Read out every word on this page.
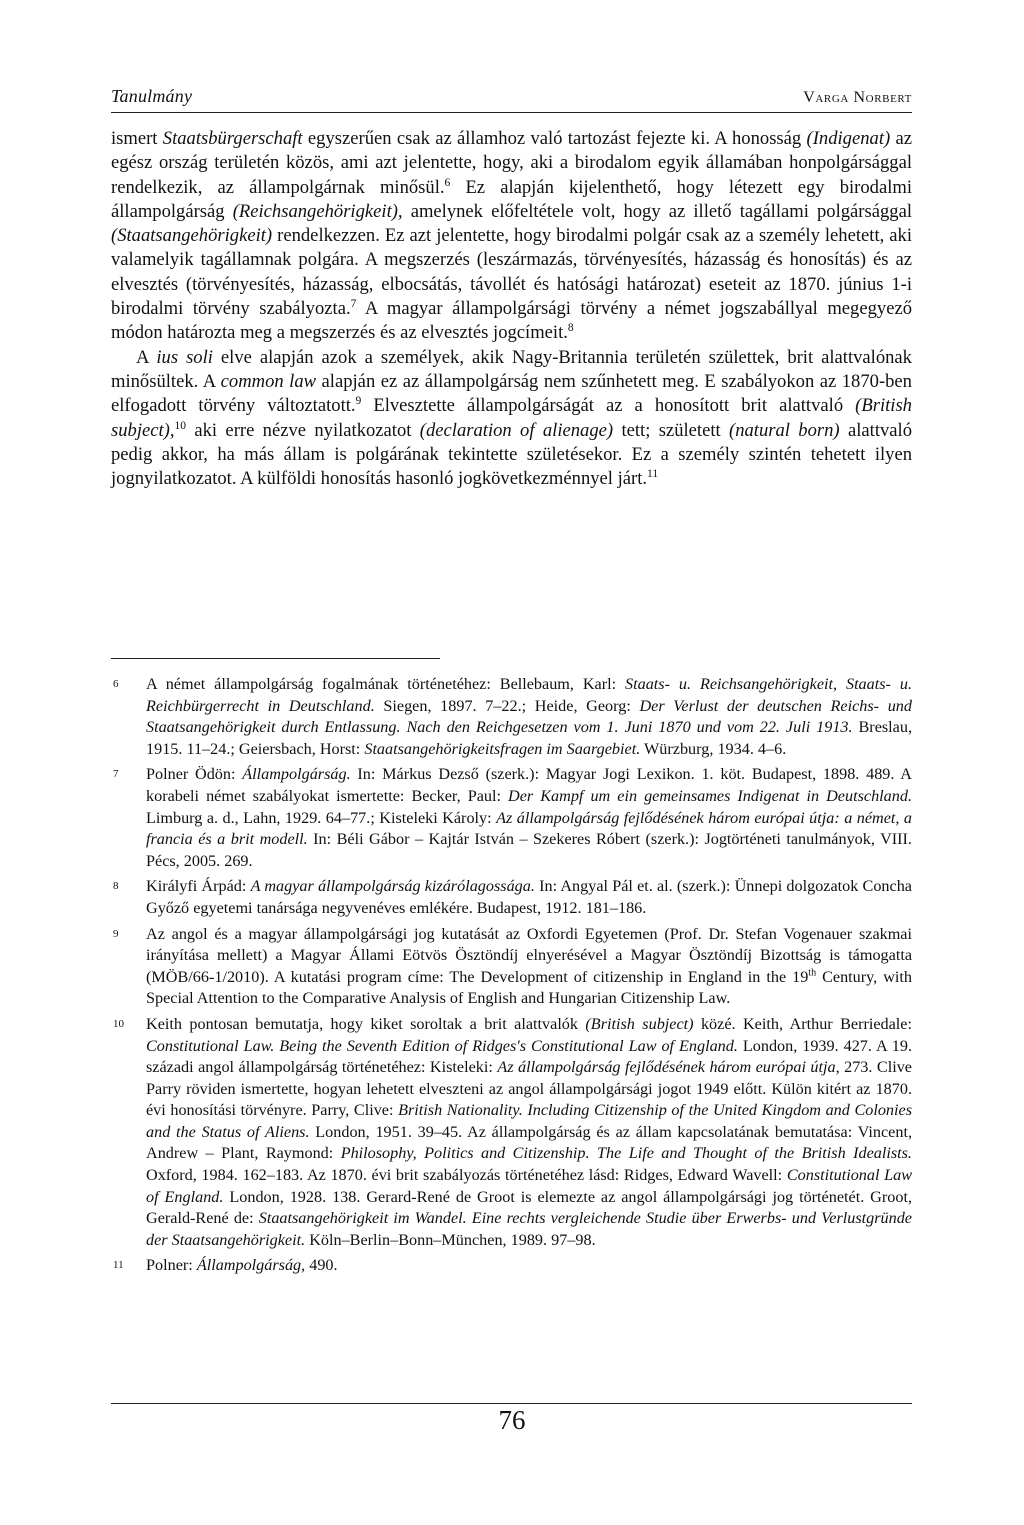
Tanulmány	Varga Norbert

ismert Staatsbürgerschaft egyszerűen csak az államhoz való tartozást fejezte ki. A honosság (Indigenat) az egész ország területén közös, ami azt jelentette, hogy, aki a birodalom egyik államában honpolgársággal rendelkezik, az állampolgárnak minősül.$^6$ Ez alapján kijelenthető, hogy létezett egy birodalmi állampolgárság (Reichsangehörigkeit), amelynek előfeltétele volt, hogy az illető tagállami polgársággal (Staatsangehörigkeit) rendelkezzen. Ez azt jelentette, hogy birodalmi polgár csak az a személy lehetett, aki valamelyik tagállamnak polgára. A megszerzés (leszármazás, törvényesítés, házasság és honosítás) és az elvesztés (törvényesítés, házasság, elbocsátás, távollét és hatósági határozat) eseteit az 1870. június 1-i birodalmi törvény szabályozta.$^7$ A magyar állampolgársági törvény a német jogszabállyal megegyező módon határozta meg a megszerzés és az elvesztés jogcímeit.$^8$

A ius soli elve alapján azok a személyek, akik Nagy-Britannia területén születtek, brit alattvalónak minősültek. A common law alapján ez az állampolgárság nem szűnhetett meg. E szabályokon az 1870-ben elfogadott törvény változtatott.$^9$ Elvesztette állampolgárságát az a honosított brit alattvaló (British subject),$^{10}$ aki erre nézve nyilatkozatot (declaration of alienage) tett; született (natural born) alattvaló pedig akkor, ha más állam is polgárának tekintette születésekor. Ez a személy szintén tehetett ilyen jognyilatkozatot. A külföldi honosítás hasonló jogkövetkezménnyel járt.$^{11}$

6	A német állampolgárság fogalmának történetéhez: Bellebaum, Karl: Staats- u. Reichsangehörigkeit, Staats- u. Reichbürgerrecht in Deutschland. Siegen, 1897. 7–22.; Heide, Georg: Der Verlust der deutschen Reichs- und Staatsangehörigkeit durch Entlassung. Nach den Reichgesetzen vom 1. Juni 1870 und vom 22. Juli 1913. Breslau, 1915. 11–24.; Geiersbach, Horst: Staatsangehörigkeitsfragen im Saargebiet. Würzburg, 1934. 4–6.
7	Polner Ödön: Állampolgárság. In: Márkus Dezső (szerk.): Magyar Jogi Lexikon. 1. köt. Budapest, 1898. 489. A korabeli német szabályokat ismertette: Becker, Paul: Der Kampf um ein gemeinsames Indigenat in Deutschland. Limburg a. d., Lahn, 1929. 64–77.; Kisteleki Károly: Az állampolgárság fejlődésének három európai útja: a német, a francia és a brit modell. In: Béli Gábor – Kajtár István – Szekeres Róbert (szerk.): Jogtörténeti tanulmányok, VIII. Pécs, 2005. 269.
8	Királyfi Árpád: A magyar állampolgárság kizárólagossága. In: Angyal Pál et. al. (szerk.): Ünnepi dolgozatok Concha Győző egyetemi tanársága negyvenéves emlékére. Budapest, 1912. 181–186.
9	Az angol és a magyar állampolgársági jog kutatását az Oxfordi Egyetemen (Prof. Dr. Stefan Vogenauer szakmai irányítása mellett) a Magyar Állami Eötvös Ösztöndíj elnyerésével a Magyar Ösztöndíj Bizottság is támogatta (MÖB/66-1/2010). A kutatási program címe: The Development of citizenship in England in the 19th Century, with Special Attention to the Comparative Analysis of English and Hungarian Citizenship Law.
10	Keith pontosan bemutatja, hogy kiket soroltak a brit alattvalók (British subject) közé. Keith, Arthur Berriedale: Constitutional Law. Being the Seventh Edition of Ridges's Constitutional Law of England. London, 1939. 427. A 19. századi angol állampolgárság történetéhez: Kisteleki: Az állampolgárság fejlődésének három európai útja, 273. Clive Parry röviden ismertette, hogyan lehetett elveszteni az angol állampolgársági jogot 1949 előtt. Külön kitért az 1870. évi honosítási törvényre. Parry, Clive: British Nationality. Including Citizenship of the United Kingdom and Colonies and the Status of Aliens. London, 1951. 39–45. Az állampolgárság és az állam kapcsolatának bemutatása: Vincent, Andrew – Plant, Raymond: Philosophy, Politics and Citizenship. The Life and Thought of the British Idealists. Oxford, 1984. 162–183. Az 1870. évi brit szabályozás történetéhez lásd: Ridges, Edward Wavell: Constitutional Law of England. London, 1928. 138. Gerard-René de Groot is elemezte az angol állampolgársági jog történetét. Groot, Gerald-René de: Staatsangehörigkeit im Wandel. Eine rechts vergleichende Studie über Erwerbs- und Verlustgründe der Staatsangehörigkeit. Köln–Berlin–Bonn–München, 1989. 97–98.
11	Polner: Állampolgárság, 490.
76
